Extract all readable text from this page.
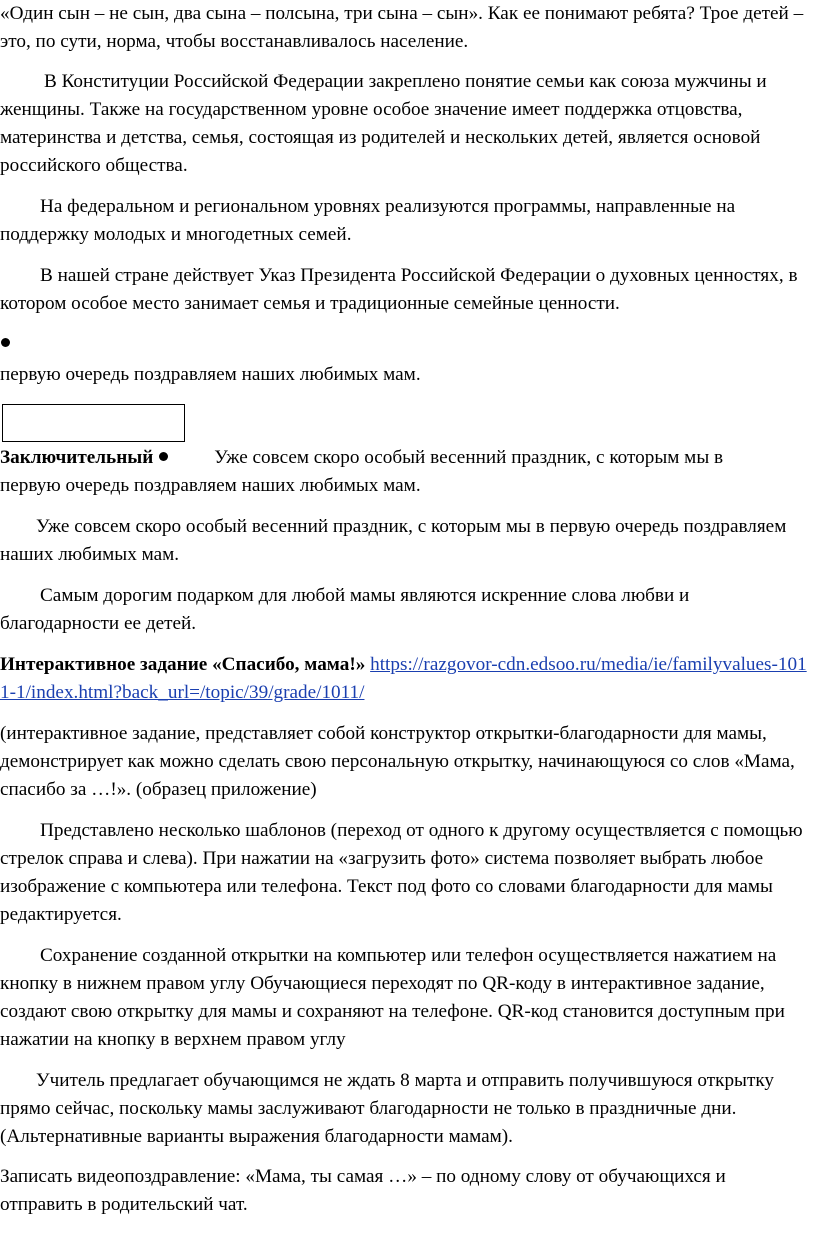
«Один сын – не сын, два сына – полсына, три сына – сын». Как ее понимают ребята? Трое детей – это, по сути, норма, чтобы восстанавливалось население.

В Конституции Российской Федерации закреплено понятие семьи как союза мужчины и женщины. Также на государственном уровне особое значение имеет поддержка отцовства, материнства и детства, семья, состоящая из родителей и нескольких детей, является основой российского общества.

На федеральном и региональном уровнях реализуются программы, направленные на поддержку молодых и многодетных семей.

В нашей стране действует Указ Президента Российской Федерации о духовных ценностях, в котором особое место занимает семья и традиционные семейные ценности.

первую очередь поздравляем наших любимых мам.

Заключительный	Уже совсем скоро особый весенний праздник, с которым мы в
первую очередь поздравляем наших любимых мам.

Уже совсем скоро особый весенний праздник, с которым мы в первую очередь поздравляем наших любимых мам.

Самым дорогим подарком для любой мамы являются искренние слова любви и благодарности ее детей.

Интерактивное задание «Спасибо, мама!» https://razgovor-cdn.edsoo.ru/media/ie/familyvalues-1011-1/index.html?back_url=/topic/39/grade/1011/

(интерактивное задание, представляет собой конструктор открытки-благодарности для мамы, демонстрирует как можно сделать свою персональную открытку, начинающуюся со слов «Мама, спасибо за …!». (образец приложение)

Представлено несколько шаблонов (переход от одного к другому осуществляется с помощью стрелок справа и слева). При нажатии на «загрузить фото» система позволяет выбрать любое изображение с компьютера или телефона. Текст под фото со словами благодарности для мамы редактируется.

Сохранение созданной открытки на компьютер или телефон осуществляется нажатием на кнопку в нижнем правом углу Обучающиеся переходят по QR-коду в интерактивное задание, создают свою открытку для мамы и сохраняют на телефоне. QR-код становится доступным при нажатии на кнопку в верхнем правом углу

Учитель предлагает обучающимся не ждать 8 марта и отправить получившуюся открытку прямо сейчас, поскольку мамы заслуживают благодарности не только в праздничные дни. (Альтернативные варианты выражения благодарности мамам).

Записать видеопоздравление: «Мама, ты самая …» – по одному слову от обучающихся и отправить в родительский чат.
